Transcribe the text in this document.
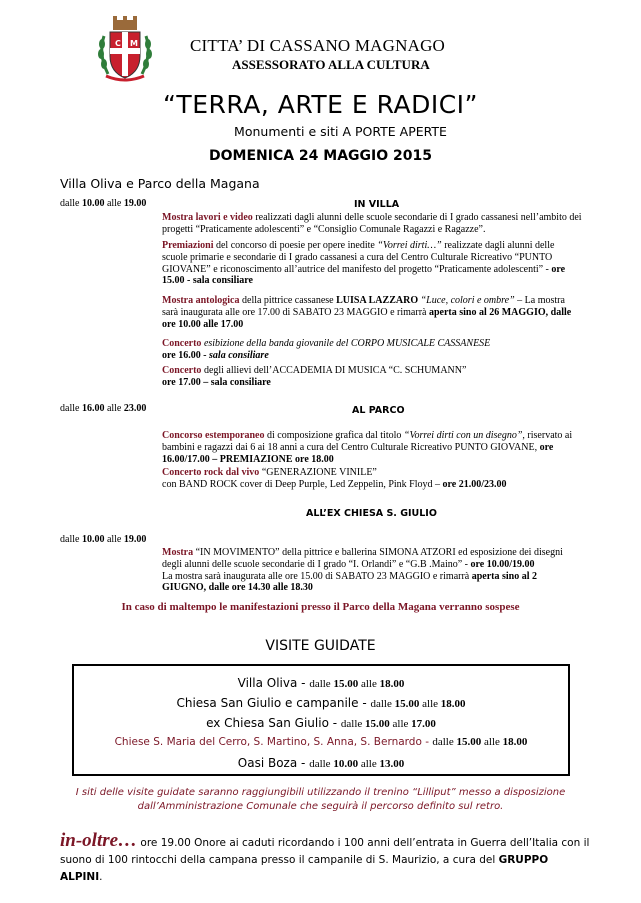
C M	CITTA’ DI CASSANO MAGNAGO
ASSESSORATO ALLA CULTURA
“TERRA, ARTE E RADICI”
Monumenti e siti A PORTE APERTE
DOMENICA 24 MAGGIO 2015
Villa Oliva e Parco della Magana
dalle 10.00 alle 19.00	IN VILLA
Mostra lavori e video realizzati dagli alunni delle scuole secondarie di I grado cassanesi nell’ambito dei progetti “Praticamente adolescenti” e “Consiglio Comunale Ragazzi e Ragazze”.
Premiazioni del concorso di poesie per opere inedite “Vorrei dirti…” realizzate dagli alunni delle scuole primarie e secondarie di I grado cassanesi a cura del Centro Culturale Ricreativo “PUNTO GIOVANE” e riconoscimento all’autrice del manifesto del progetto “Praticamente adolescenti” - ore 15.00 - sala consiliare
Mostra antologica della pittrice cassanese LUISA LAZZARO “Luce, colori e ombre” – La mostra sarà inaugurata alle ore 17.00 di SABATO 23 MAGGIO e rimarrà aperta sino al 26 MAGGIO, dalle ore 10.00 alle 17.00
Concerto esibizione della banda giovanile del CORPO MUSICALE CASSANESE
ore 16.00 - sala consiliare
Concerto degli allievi dell’ACCADEMIA DI MUSICA “C. SCHUMANN”
ore 17.00 – sala consiliare
dalle 16.00 alle 23.00	AL PARCO
Concorso estemporaneo di composizione grafica dal titolo “Vorrei dirti con un disegno”, riservato ai bambini e ragazzi dai 6 ai 18 anni a cura del Centro Culturale Ricreativo PUNTO GIOVANE, ore 16.00/17.00 – PREMIAZIONE ore 18.00
Concerto rock dal vivo “GENERAZIONE VINILE”
con BAND ROCK cover di Deep Purple, Led Zeppelin, Pink Floyd – ore 21.00/23.00
ALL’EX CHIESA S. GIULIO
dalle 10.00 alle 19.00
Mostra “IN MOVIMENTO” della pittrice e ballerina SIMONA ATZORI ed esposizione dei disegni degli alunni delle scuole secondarie di I grado “I. Orlandi” e “G.B .Maino” - ore 10.00/19.00
La mostra sarà inaugurata alle ore 15.00 di SABATO 23 MAGGIO e rimarrà aperta sino al 2 GIUGNO, dalle ore 14.30 alle 18.30
In caso di maltempo le manifestazioni presso il Parco della Magana verranno sospese
VISITE GUIDATE
Villa Oliva - dalle 15.00 alle 18.00
Chiesa San Giulio e campanile - dalle 15.00 alle 18.00
ex Chiesa San Giulio - dalle 15.00 alle 17.00
Chiese S. Maria del Cerro, S. Martino, S. Anna, S. Bernardo - dalle 15.00 alle 18.00
Oasi Boza - dalle 10.00 alle 13.00
I siti delle visite guidate saranno raggiungibili utilizzando il trenino “Lilliput” messo a disposizione
dall’Amministrazione Comunale che seguirà il percorso definito sul retro.
in-oltre… ore 19.00 Onore ai caduti ricordando i 100 anni dell’entrata in Guerra dell’Italia con il suono di 100 rintocchi della campana presso il campanile di S. Maurizio, a cura del GRUPPO ALPINI.
